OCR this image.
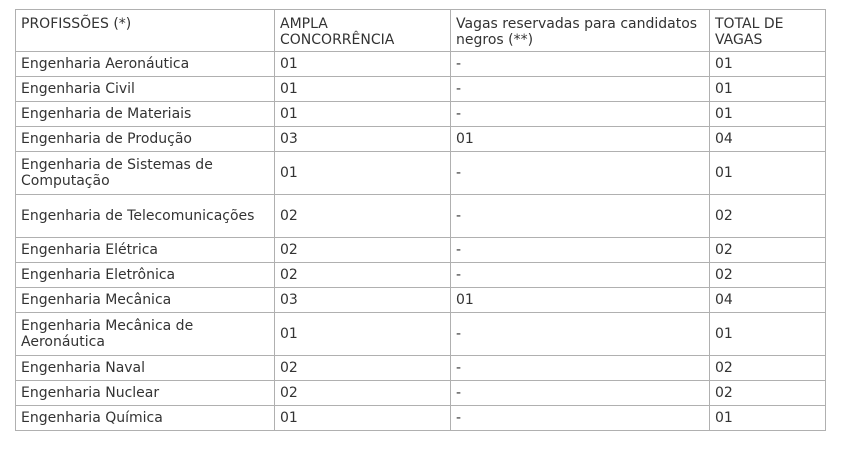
PROFISSÕES (*)	AMPLA CONCORRÊNCIA	Vagas reservadas para candidatos negros (**)	TOTAL DE VAGAS
Engenharia Aeronáutica	01	-	01
Engenharia Civil	01	-	01
Engenharia de Materiais	01	-	01
Engenharia de Produção	03	01	04
Engenharia de Sistemas de Computação	01	-	01
Engenharia de Telecomunicações	02	-	02
Engenharia Elétrica	02	-	02
Engenharia Eletrônica	02	-	02
Engenharia Mecânica	03	01	04
Engenharia Mecânica de Aeronáutica	01	-	01
Engenharia Naval	02	-	02
Engenharia Nuclear	02	-	02
Engenharia Química	01	-	01
